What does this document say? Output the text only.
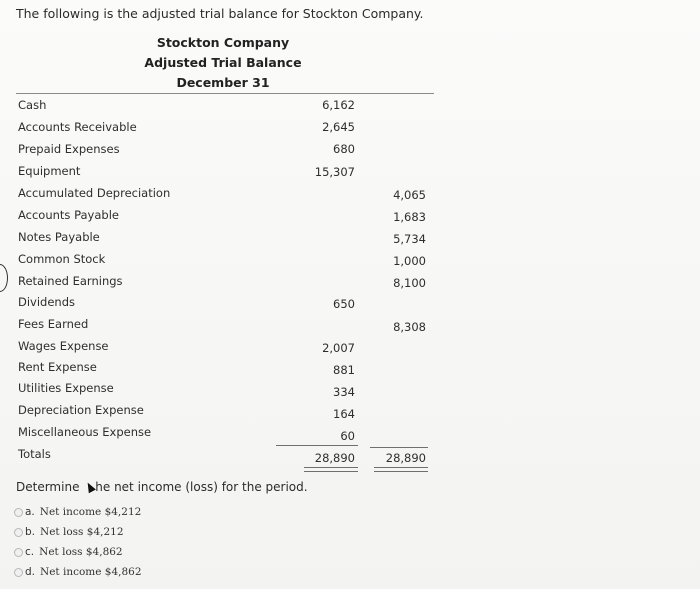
The following is the adjusted trial balance for Stockton Company.
Stockton Company
Adjusted Trial Balance
December 31
Cash
Accounts Receivable
Prepaid Expenses
Equipment
Accumulated Depreciation
Accounts Payable
Notes Payable
Common Stock
Retained Earnings
Dividends
Fees Earned
Wages Expense
Rent Expense
Utilities Expense
Depreciation Expense
Miscellaneous Expense
Totals
6,162
2,645
680
15,307
650
2,007
881
334
164
60
28,890
4,065
1,683
5,734
1,000
8,100
8,308
28,890
Determine he net income (loss) for the period.
a. Net income $4,212
b. Net loss $4,212
c. Net loss $4,862
d. Net income $4,862
